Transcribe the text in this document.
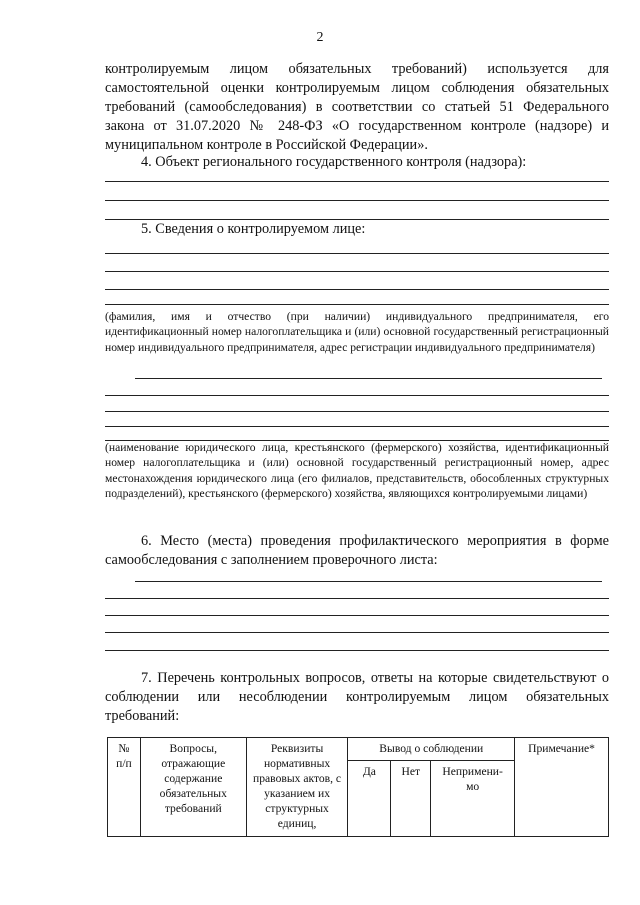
2
контролируемым лицом обязательных требований) используется для самостоятельной оценки контролируемым лицом соблюдения обязательных требований (самообследования) в соответствии со статьей 51 Федерального закона от 31.07.2020 № 248-ФЗ «О государственном контроле (надзоре) и муниципальном контроле в Российской Федерации».
4. Объект регионального государственного контроля (надзора):
5. Сведения о контролируемом лице:
(фамилия, имя и отчество (при наличии) индивидуального предпринимателя, его идентификационный номер налогоплательщика и (или) основной государственный регистрационный номер индивидуального предпринимателя, адрес регистрации индивидуального предпринимателя)
(наименование юридического лица, крестьянского (фермерского) хозяйства, идентификационный номер налогоплательщика и (или) основной государственный регистрационный номер, адрес местонахождения юридического лица (его филиалов, представительств, обособленных структурных подразделений), крестьянского (фермерского) хозяйства, являющихся контролируемыми лицами)
6. Место (места) проведения профилактического мероприятия в форме самообследования с заполнением проверочного листа:
7. Перечень контрольных вопросов, ответы на которые свидетельствуют о соблюдении или несоблюдении контролируемым лицом обязательных требований:
№
п/п	Вопросы, отражающие содержание обязательных требований	Реквизиты нормативных правовых актов, с указанием их структурных единиц,	Вывод о соблюдении			Примечание*
			Да	Нет	Непримени-
мо	
